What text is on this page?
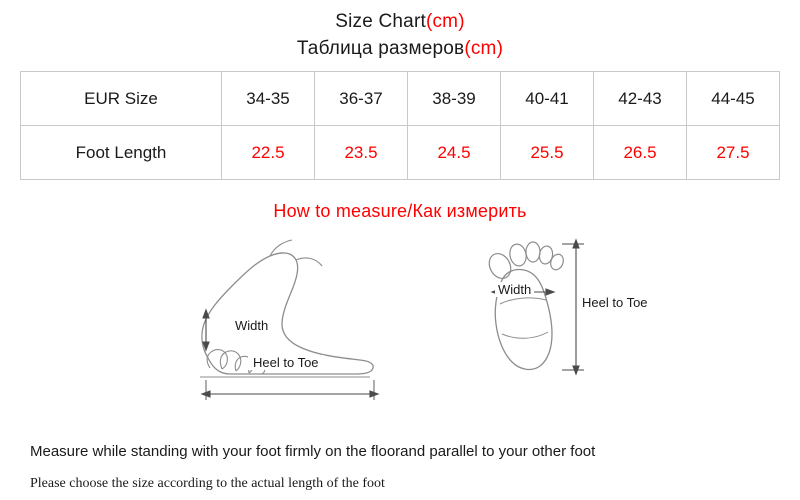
Size Chart(cm)
Таблица размеров(cm)
EUR Size	34-35	36-37	38-39	40-41	42-43	44-45
Foot Length	22.5	23.5	24.5	25.5	26.5	27.5
How to measure/Как измерить
Width
Heel to Toe
Width
Heel to Toe
Measure while standing with your foot firmly on the floorand parallel to your other foot
Please choose the size according to the actual length of the foot
